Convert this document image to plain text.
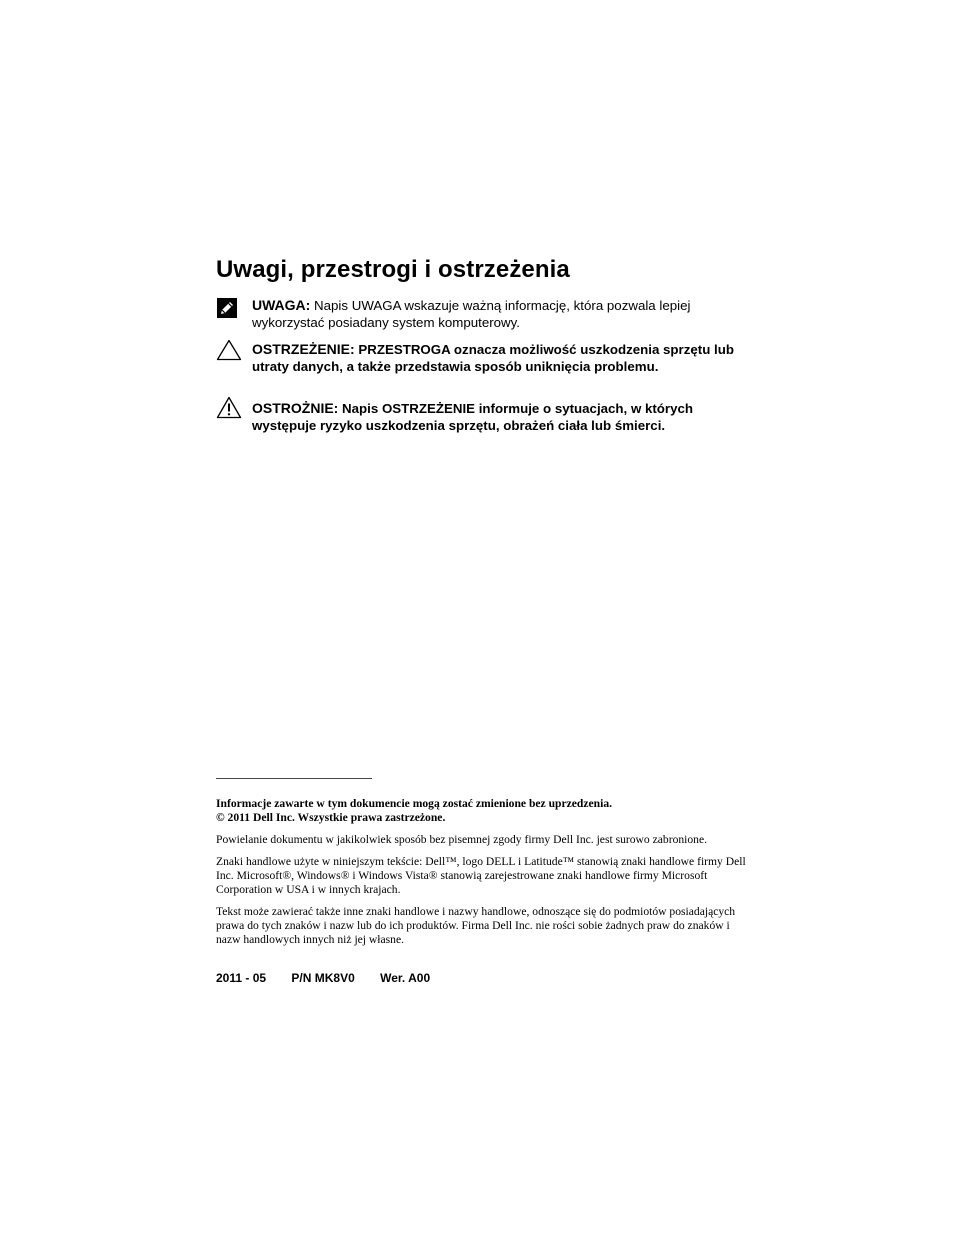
Uwagi, przestrogi i ostrzeżenia
UWAGA: Napis UWAGA wskazuje ważną informację, która pozwala lepiej wykorzystać posiadany system komputerowy.
OSTRZEŻENIE: PRZESTROGA oznacza możliwość uszkodzenia sprzętu lub utraty danych, a także przedstawia sposób uniknięcia problemu.
OSTROŻNIE: Napis OSTRZEŻENIE informuje o sytuacjach, w których występuje ryzyko uszkodzenia sprzętu, obrażeń ciała lub śmierci.

Informacje zawarte w tym dokumencie mogą zostać zmienione bez uprzedzenia.

© 2011 Dell Inc. Wszystkie prawa zastrzeżone.

Powielanie dokumentu w jakikolwiek sposób bez pisemnej zgody firmy Dell Inc. jest surowo zabronione.

Znaki handlowe użyte w niniejszym tekście: Dell™, logo DELL i Latitude™ stanowią znaki handlowe firmy Dell Inc. Microsoft®, Windows® i Windows Vista® stanowią zarejestrowane znaki handlowe firmy Microsoft Corporation w USA i w innych krajach.

Tekst może zawierać także inne znaki handlowe i nazwy handlowe, odnoszące się do podmiotów posiadających prawa do tych znaków i nazw lub do ich produktów. Firma Dell Inc. nie rości sobie żadnych praw do znaków i nazw handlowych innych niż jej własne.

2011 - 05 P/N MK8V0 Wer. A00
